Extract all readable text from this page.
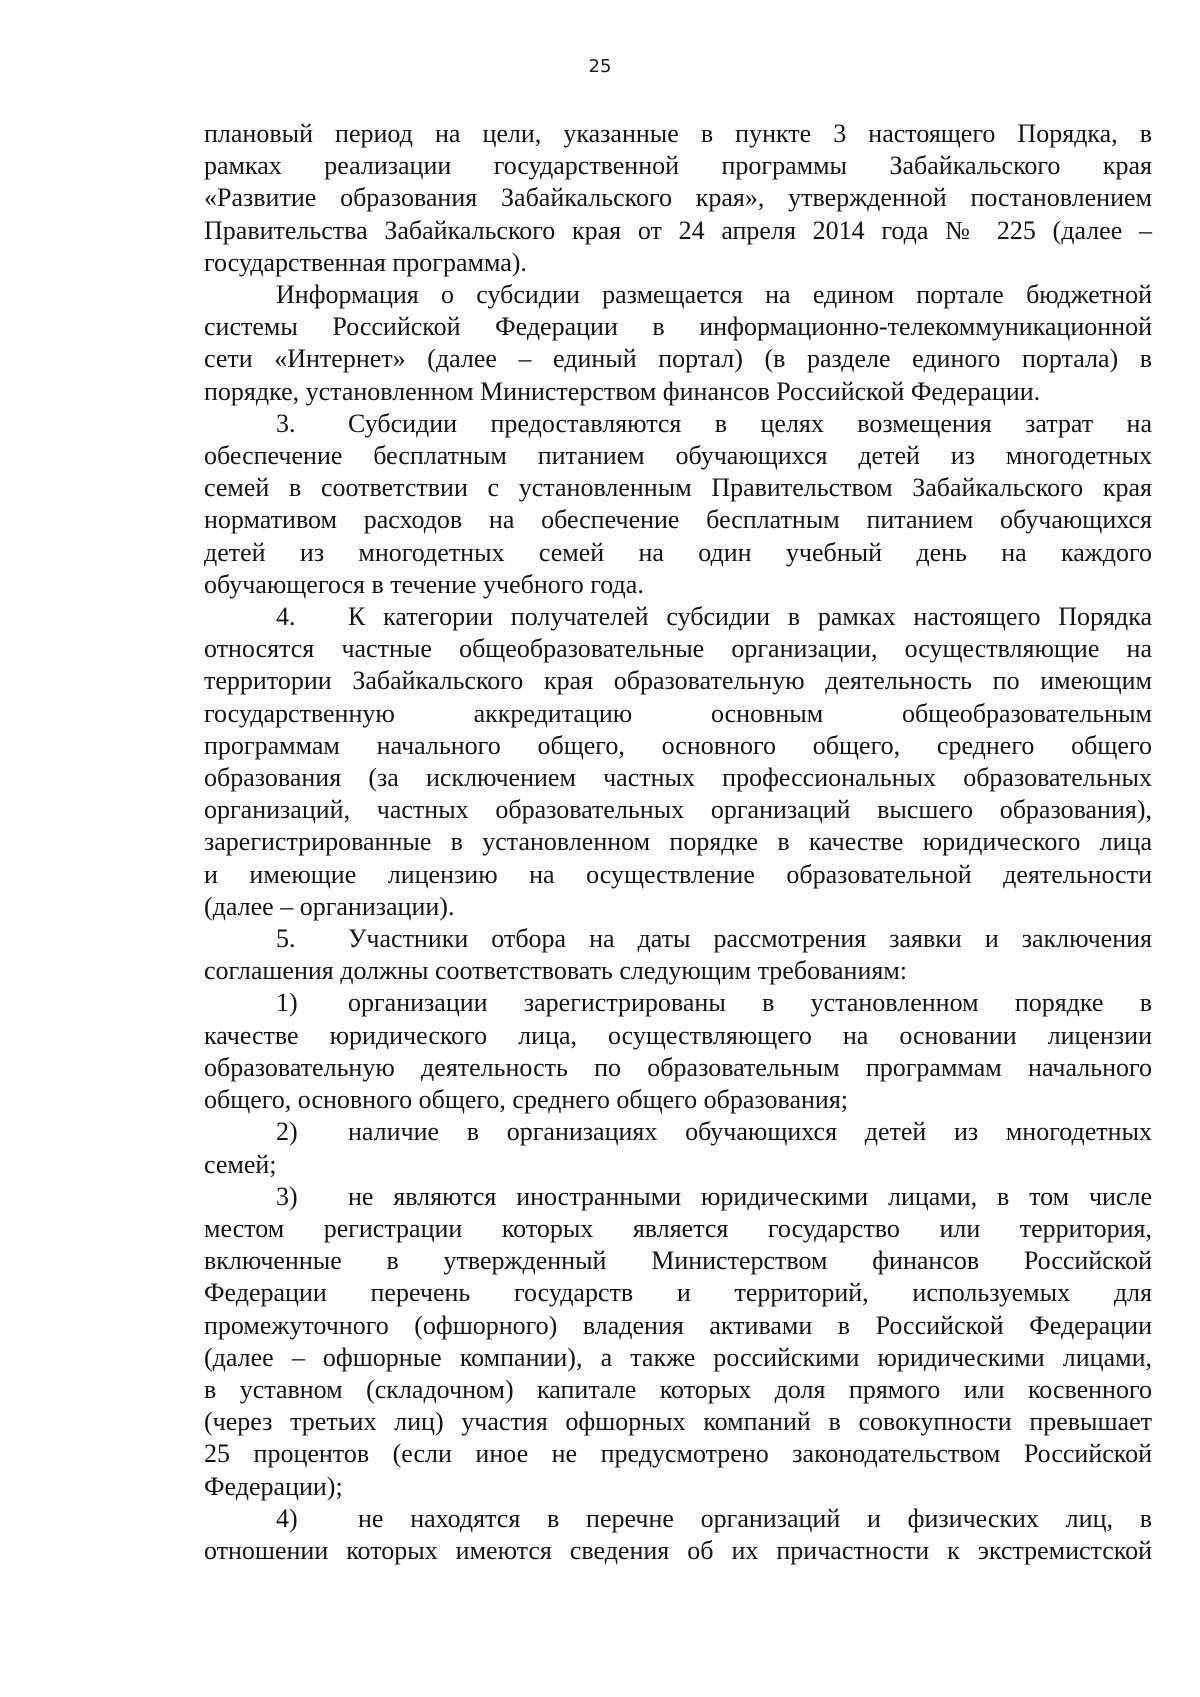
25

плановый период на цели, указанные в пункте 3 настоящего Порядка, в
рамках реализации государственной программы Забайкальского края
«Развитие образования Забайкальского края», утвержденной постановлением
Правительства Забайкальского края от 24 апреля 2014 года № 225 (далее –
государственная программа).
Информация о субсидии размещается на едином портале бюджетной
системы Российской Федерации в информационно-телекоммуникационной
сети «Интернет» (далее – единый портал) (в разделе единого портала) в
порядке, установленном Министерством финансов Российской Федерации.
3. Субсидии предоставляются в целях возмещения затрат на
обеспечение бесплатным питанием обучающихся детей из многодетных
семей в соответствии с установленным Правительством Забайкальского края
нормативом расходов на обеспечение бесплатным питанием обучающихся
детей из многодетных семей на один учебный день на каждого
обучающегося в течение учебного года.
4. К категории получателей субсидии в рамках настоящего Порядка
относятся частные общеобразовательные организации, осуществляющие на
территории Забайкальского края образовательную деятельность по имеющим
государственную аккредитацию основным общеобразовательным
программам начального общего, основного общего, среднего общего
образования (за исключением частных профессиональных образовательных
организаций, частных образовательных организаций высшего образования),
зарегистрированные в установленном порядке в качестве юридического лица
и имеющие лицензию на осуществление образовательной деятельности
(далее – организации).
5. Участники отбора на даты рассмотрения заявки и заключения
соглашения должны соответствовать следующим требованиям:
1) организации зарегистрированы в установленном порядке в
качестве юридического лица, осуществляющего на основании лицензии
образовательную деятельность по образовательным программам начального
общего, основного общего, среднего общего образования;
2) наличие в организациях обучающихся детей из многодетных
семей;
3) не являются иностранными юридическими лицами, в том числе
местом регистрации которых является государство или территория,
включенные в утвержденный Министерством финансов Российской
Федерации перечень государств и территорий, используемых для
промежуточного (офшорного) владения активами в Российской Федерации
(далее – офшорные компании), а также российскими юридическими лицами,
в уставном (складочном) капитале которых доля прямого или косвенного
(через третьих лиц) участия офшорных компаний в совокупности превышает
25 процентов (если иное не предусмотрено законодательством Российской
Федерации);
4) не находятся в перечне организаций и физических лиц, в
отношении которых имеются сведения об их причастности к экстремистской
